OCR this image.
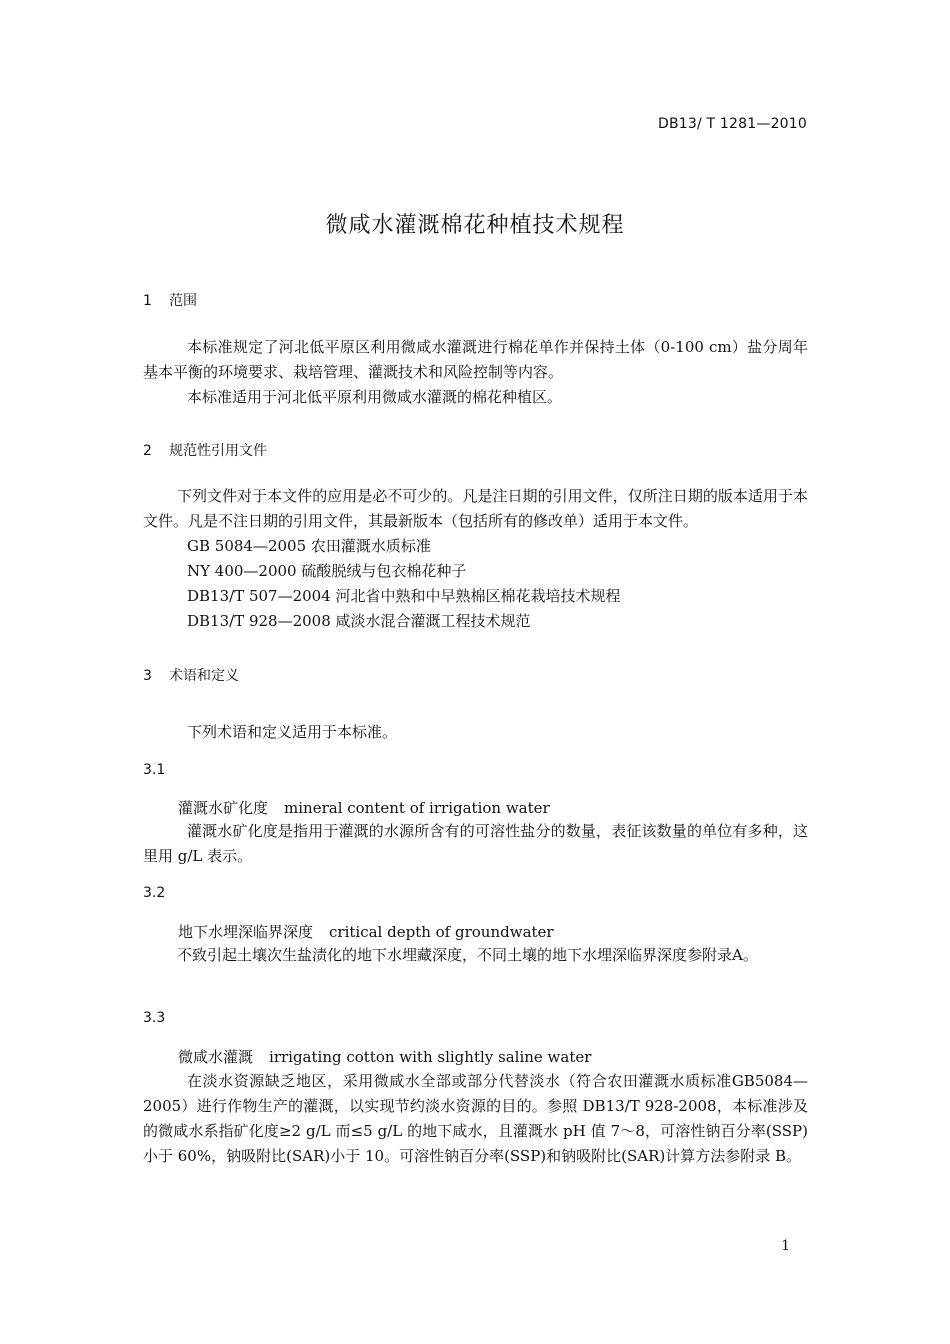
DB13/ T 1281—2010
微咸水灌溉棉花种植技术规程
1 范围

本标准规定了河北低平原区利用微咸水灌溉进行棉花单作并保持土体（0-100 cm）盐分周年基本平衡的环境要求、栽培管理、灌溉技术和风险控制等内容。

本标准适用于河北低平原利用微咸水灌溉的棉花种植区。

2 规范性引用文件

下列文件对于本文件的应用是必不可少的。凡是注日期的引用文件，仅所注日期的版本适用于本文件。凡是不注日期的引用文件，其最新版本（包括所有的修改单）适用于本文件。

GB 5084—2005 农田灌溉水质标准
NY 400—2000 硫酸脱绒与包衣棉花种子
DB13/T 507—2004 河北省中熟和中早熟棉区棉花栽培技术规程
DB13/T 928—2008 咸淡水混合灌溉工程技术规范
3 术语和定义

下列术语和定义适用于本标准。

3.1
灌溉水矿化度 mineral content of irrigation water

灌溉水矿化度是指用于灌溉的水源所含有的可溶性盐分的数量，表征该数量的单位有多种，这里用 g/L 表示。

3.2
地下水埋深临界深度 critical depth of groundwater

不致引起土壤次生盐渍化的地下水埋藏深度，不同土壤的地下水埋深临界深度参附录A。

3.3
微咸水灌溉 irrigating cotton with slightly saline water

在淡水资源缺乏地区，采用微咸水全部或部分代替淡水（符合农田灌溉水质标准GB5084—2005）进行作物生产的灌溉，以实现节约淡水资源的目的。参照 DB13/T 928-2008，本标准涉及的微咸水系指矿化度≥2 g/L 而≤5 g/L 的地下咸水，且灌溉水 pH 值 7～8，可溶性钠百分率(SSP)小于 60%，钠吸附比(SAR)小于 10。可溶性钠百分率(SSP)和钠吸附比(SAR)计算方法参附录 B。

1
